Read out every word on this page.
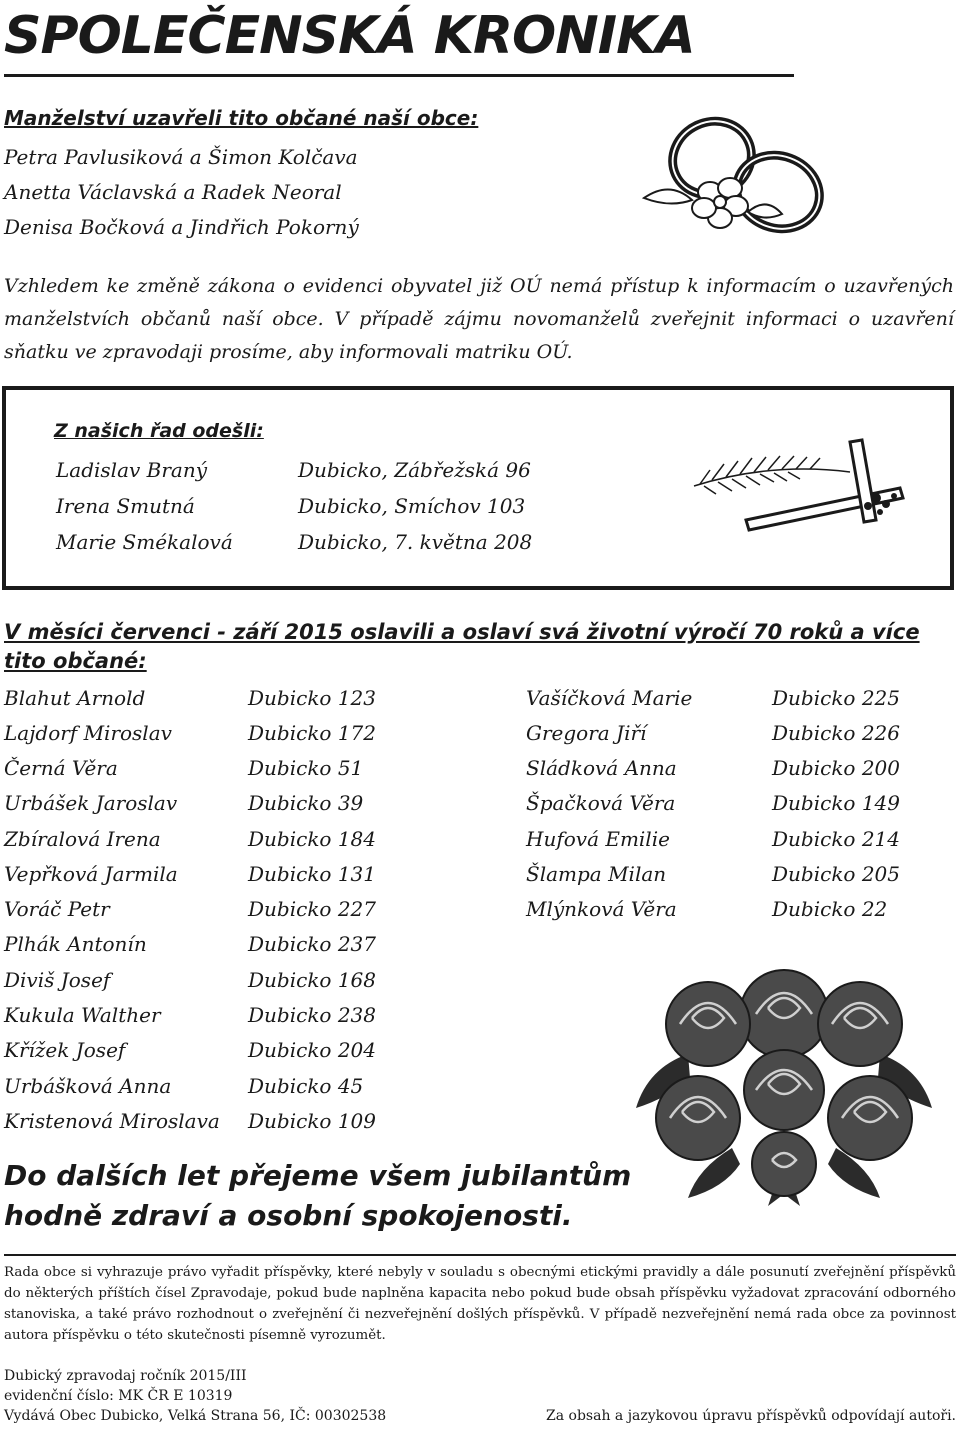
SPOLEČENSKÁ KRONIKA
Manželství uzavřeli tito občané naší obce:
Petra Pavlusiková a Šimon Kolčava
Anetta Václavská a Radek Neoral
Denisa Bočková a Jindřich Pokorný
Vzhledem ke změně zákona o evidenci obyvatel již OÚ nemá přístup k informacím o uzavřených manželstvích občanů naší obce. V případě zájmu novomanželů zveřejnit informaci o uzavření sňatku ve zpravodaji prosíme, aby informovali matriku OÚ.
Z našich řad odešli:
Ladislav Braný	Dubicko, Zábřežská 96
Irena Smutná	Dubicko, Smíchov 103
Marie Smékalová	Dubicko, 7. května 208
V měsíci červenci - září 2015 oslavili a oslaví svá životní výročí 70 roků a více tito občané:
Blahut Arnold	Dubicko 123
Lajdorf Miroslav	Dubicko 172
Černá Věra	Dubicko 51
Urbášek Jaroslav	Dubicko 39
Zbíralová Irena	Dubicko 184
Vepřková Jarmila	Dubicko 131
Voráč Petr	Dubicko 227
Plhák Antonín	Dubicko 237
Diviš Josef	Dubicko 168
Kukula Walther	Dubicko 238
Křížek Josef	Dubicko 204
Urbášková Anna	Dubicko 45
Kristenová Miroslava Dubicko 109
Vašíčková Marie	Dubicko 225
Gregora Jiří	Dubicko 226
Sládková Anna	Dubicko 200
Špačková Věra	Dubicko 149
Hufová Emilie	Dubicko 214
Šlampa Milan	Dubicko 205
Mlýnková Věra	Dubicko 22
Do dalších let přejeme všem jubilantům
hodně zdraví a osobní spokojenosti.
Rada obce si vyhrazuje právo vyřadit příspěvky, které nebyly v souladu s obecnými etickými pravidly a dále posunutí zveřejnění příspěvků do některých příštích čísel Zpravodaje, pokud bude naplněna kapacita nebo pokud bude obsah příspěvku vyžadovat zpracování odborného stanoviska, a také právo rozhodnout o zveřejnění či nezveřejnění došlých příspěvků. V případě nezveřejnění nemá rada obce za povinnost autora příspěvku o této skutečnosti písemně vyrozumět.
Dubický zpravodaj ročník 2015/III
evidenční číslo: MK ČR E 10319
Vydává Obec Dubicko, Velká Strana 56, IČ: 00302538	Za obsah a jazykovou úpravu příspěvků odpovídají autoři.
